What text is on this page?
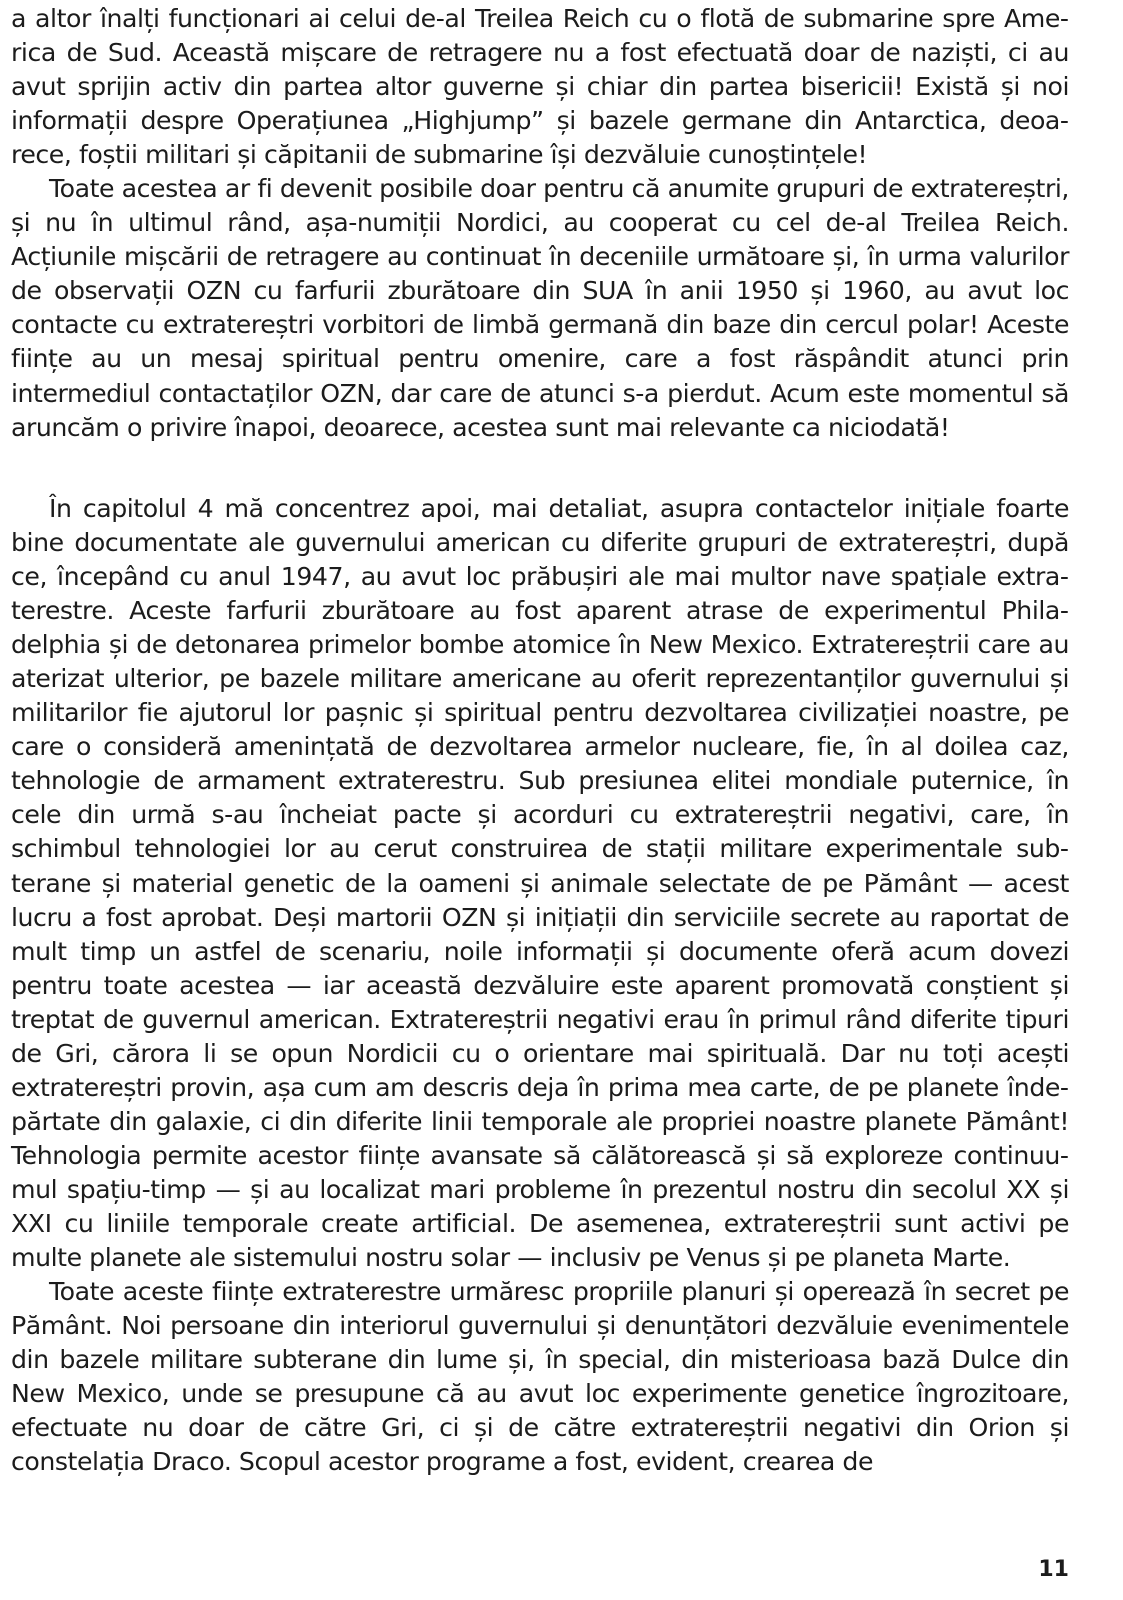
a altor înalți funcționari ai celui de-al Treilea Reich cu o flotă de submarine spre America de Sud. Această mișcare de retragere nu a fost efectuată doar de naziști, ci au avut sprijin activ din partea altor guverne și chiar din partea bisericii! Există și noi informații despre Operațiunea „Highjump” și bazele germane din Antarctica, deoarece, foștii militari și căpitanii de submarine își dezvăluie cunoștințele!

Toate acestea ar fi devenit posibile doar pentru că anumite grupuri de extratereștri, și nu în ultimul rând, așa-numiții Nordici, au cooperat cu cel de-al Treilea Reich. Acțiunile mișcării de retragere au continuat în deceniile următoare și, în urma valurilor de observații OZN cu farfurii zburătoare din SUA în anii 1950 și 1960, au avut loc contacte cu extratereștri vorbitori de limbă germană din baze din cercul polar! Aceste ființe au un mesaj spiritual pentru omenire, care a fost răspândit atunci prin intermediul contactaților OZN, dar care de atunci s-a pierdut. Acum este momentul să aruncăm o privire înapoi, deoarece, acestea sunt mai relevante ca niciodată!

În capitolul 4 mă concentrez apoi, mai detaliat, asupra contactelor inițiale foarte bine documentate ale guvernului american cu diferite grupuri de extratereștri, după ce, începând cu anul 1947, au avut loc prăbușiri ale mai multor nave spațiale extraterestre. Aceste farfurii zburătoare au fost aparent atrase de experimentul Philadelphia și de detonarea primelor bombe atomice în New Mexico. Extratereștrii care au aterizat ulterior, pe bazele militare americane au oferit reprezentanților guvernului și militarilor fie ajutorul lor pașnic și spiritual pentru dezvoltarea civilizației noastre, pe care o consideră amenințată de dezvoltarea armelor nucleare, fie, în al doilea caz, tehnologie de armament extraterestru. Sub presiunea elitei mondiale puternice, în cele din urmă s-au încheiat pacte și acorduri cu extratereștrii negativi, care, în schimbul tehnologiei lor au cerut construirea de stații militare experimentale subterane și material genetic de la oameni și animale selectate de pe Pământ — acest lucru a fost aprobat. Deși martorii OZN și inițiații din serviciile secrete au raportat de mult timp un astfel de scenariu, noile informații și documente oferă acum dovezi pentru toate acestea — iar această dezvăluire este aparent promovată conștient și treptat de guvernul american. Extratereștrii negativi erau în primul rând diferite tipuri de Gri, cărora li se opun Nordicii cu o orientare mai spirituală. Dar nu toți acești extratereștri provin, așa cum am descris deja în prima mea carte, de pe planete îndepărtate din galaxie, ci din diferite linii temporale ale propriei noastre planete Pământ! Tehnologia permite acestor ființe avansate să călătorească și să exploreze continuumul spațiu-timp — și au localizat mari probleme în prezentul nostru din secolul XX și XXI cu liniile temporale create artificial. De asemenea, extratereștrii sunt activi pe multe planete ale sistemului nostru solar — inclusiv pe Venus și pe planeta Marte.

Toate aceste ființe extraterestre urmăresc propriile planuri și operează în secret pe Pământ. Noi persoane din interiorul guvernului și denunțători dezvăluie evenimentele din bazele militare subterane din lume și, în special, din misterioasa bază Dulce din New Mexico, unde se presupune că au avut loc experimente genetice îngrozitoare, efectuate nu doar de către Gri, ci și de către extratereștrii negativi din Orion și constelația Draco. Scopul acestor programe a fost, evident, crearea de

11
